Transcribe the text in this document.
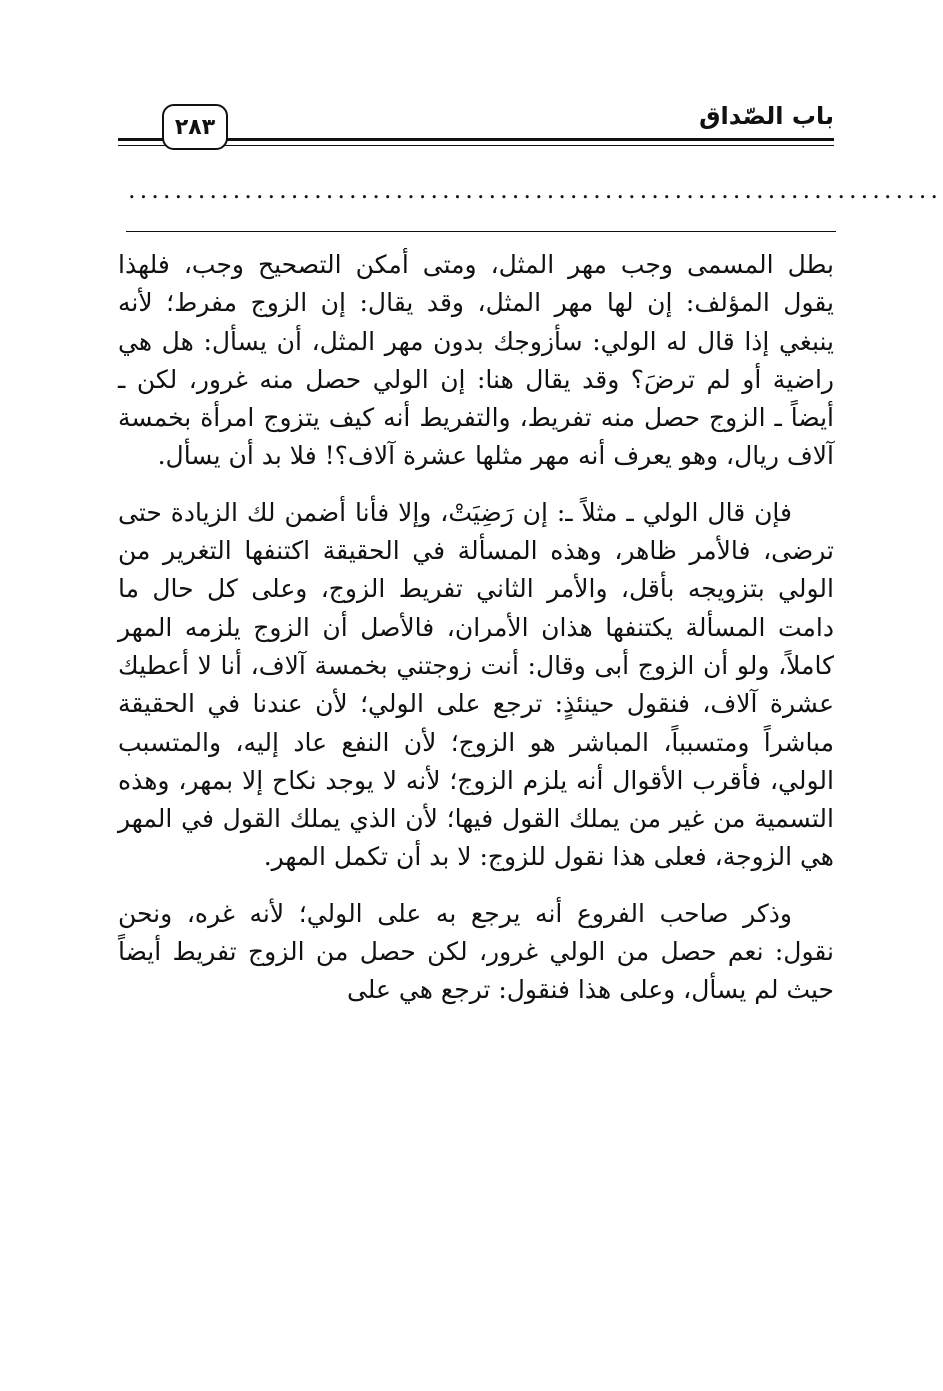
باب الصّداق
٢٨٣
......................................................................

بطل المسمى وجب مهر المثل، ومتى أمكن التصحيح وجب، فلهذا يقول المؤلف: إن لها مهر المثل، وقد يقال: إن الزوج مفرط؛ لأنه ينبغي إذا قال له الولي: سأزوجك بدون مهر المثل، أن يسأل: هل هي راضية أو لم ترضَ؟ وقد يقال هنا: إن الولي حصل منه غرور، لكن ـ أيضاً ـ الزوج حصل منه تفريط، والتفريط أنه كيف يتزوج امرأة بخمسة آلاف ريال، وهو يعرف أنه مهر مثلها عشرة آلاف؟! فلا بد أن يسأل.

فإن قال الولي ـ مثلاً ـ: إن رَضِيَتْ، وإلا فأنا أضمن لك الزيادة حتى ترضى، فالأمر ظاهر، وهذه المسألة في الحقيقة اكتنفها التغرير من الولي بتزويجه بأقل، والأمر الثاني تفريط الزوج، وعلى كل حال ما دامت المسألة يكتنفها هذان الأمران، فالأصل أن الزوج يلزمه المهر كاملاً، ولو أن الزوج أبى وقال: أنت زوجتني بخمسة آلاف، أنا لا أعطيك عشرة آلاف، فنقول حينئذٍ: ترجع على الولي؛ لأن عندنا في الحقيقة مباشراً ومتسبباً، المباشر هو الزوج؛ لأن النفع عاد إليه، والمتسبب الولي، فأقرب الأقوال أنه يلزم الزوج؛ لأنه لا يوجد نكاح إلا بمهر، وهذه التسمية من غير من يملك القول فيها؛ لأن الذي يملك القول في المهر هي الزوجة، فعلى هذا نقول للزوج: لا بد أن تكمل المهر.

وذكر صاحب الفروع أنه يرجع به على الولي؛ لأنه غره، ونحن نقول: نعم حصل من الولي غرور، لكن حصل من الزوج تفريط أيضاً حيث لم يسأل، وعلى هذا فنقول: ترجع هي على
